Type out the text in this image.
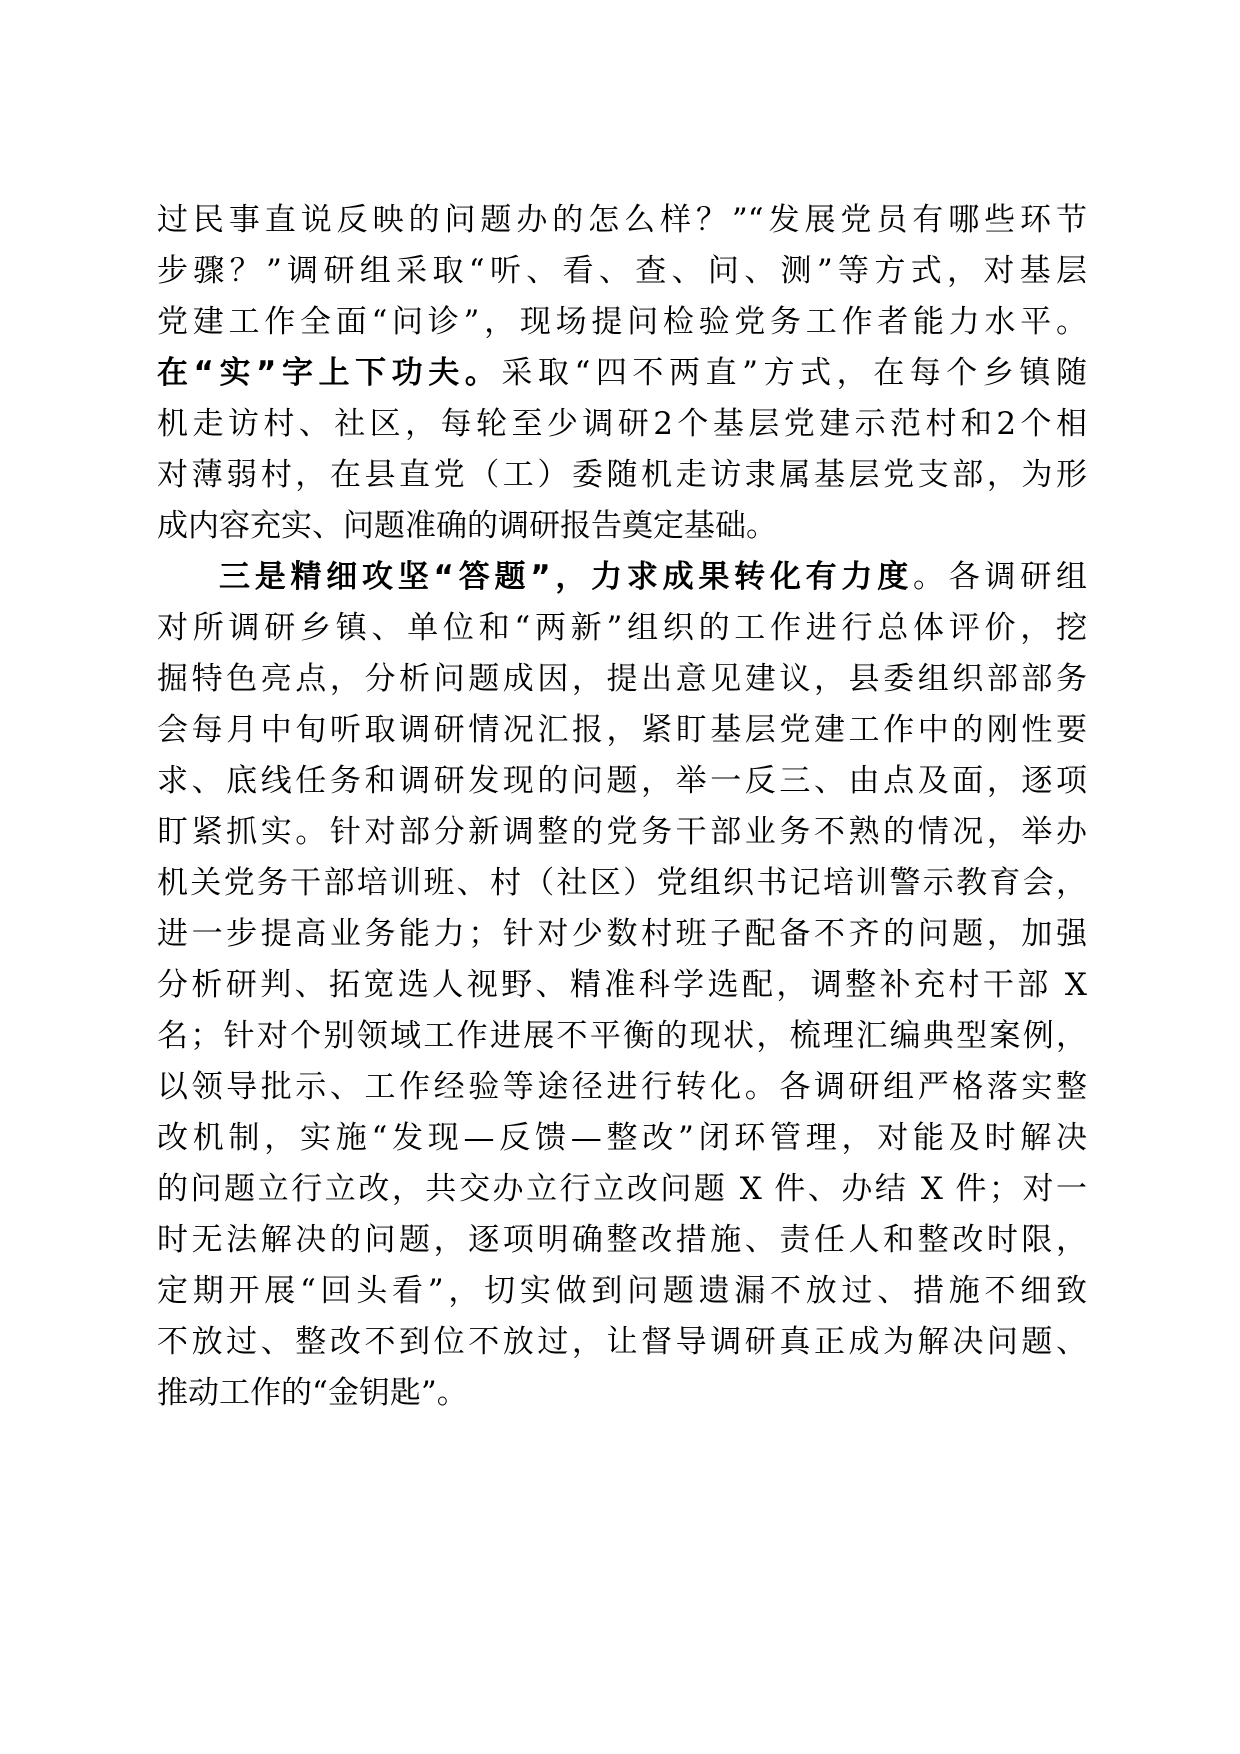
过民事直说反映的问题办的怎么样？”“发展党员有哪些环节
步骤？”调研组采取“听、看、查、问、测”等方式，对基层
党建工作全面“问诊”，现场提问检验党务工作者能力水平。
在“实”字上下功夫。采取“四不两直”方式，在每个乡镇随
机走访村、社区，每轮至少调研2个基层党建示范村和2个相
对薄弱村，在县直党（工）委随机走访隶属基层党支部，为形
成内容充实、问题准确的调研报告奠定基础。
三是精细攻坚“答题”，力求成果转化有力度。各调研组
对所调研乡镇、单位和“两新”组织的工作进行总体评价，挖
掘特色亮点，分析问题成因，提出意见建议，县委组织部部务
会每月中旬听取调研情况汇报，紧盯基层党建工作中的刚性要
求、底线任务和调研发现的问题，举一反三、由点及面，逐项
盯紧抓实。针对部分新调整的党务干部业务不熟的情况，举办
机关党务干部培训班、村（社区）党组织书记培训警示教育会，
进一步提高业务能力；针对少数村班子配备不齐的问题，加强
分析研判、拓宽选人视野、精准科学选配，调整补充村干部 X
名；针对个别领域工作进展不平衡的现状，梳理汇编典型案例，
以领导批示、工作经验等途径进行转化。各调研组严格落实整
改机制，实施“发现—反馈—整改”闭环管理，对能及时解决
的问题立行立改，共交办立行立改问题 X 件、办结 X 件；对一
时无法解决的问题，逐项明确整改措施、责任人和整改时限，
定期开展“回头看”，切实做到问题遗漏不放过、措施不细致
不放过、整改不到位不放过，让督导调研真正成为解决问题、
推动工作的“金钥匙”。
